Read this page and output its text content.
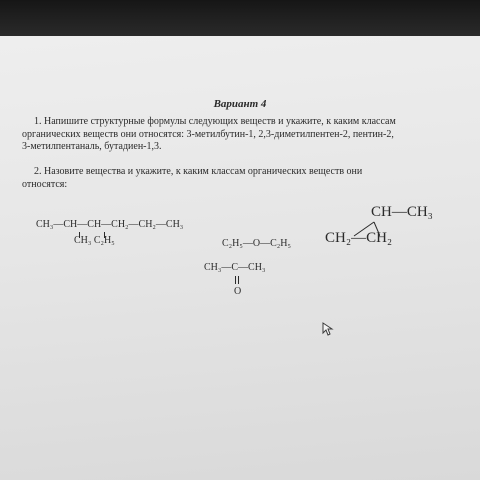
Вариант 4
1. Напишите структурные формулы следующих веществ и укажите, к каким классам
органических веществ они относятся: 3-метилбутин-1, 2,3-диметилпентен-2, пентин-2,
3-метилпентаналь, бутадиен-1,3.
2. Назовите вещества и укажите, к каким классам органических веществ они
относятся:
CH₃—CH—CH—CH₂—CH₂—CH₃
CH₃ C₂H₅	C₂H₅—O—C₂H₅
CH₃—C—CH₃
O
CH—CH₃
CH₂—CH₂
